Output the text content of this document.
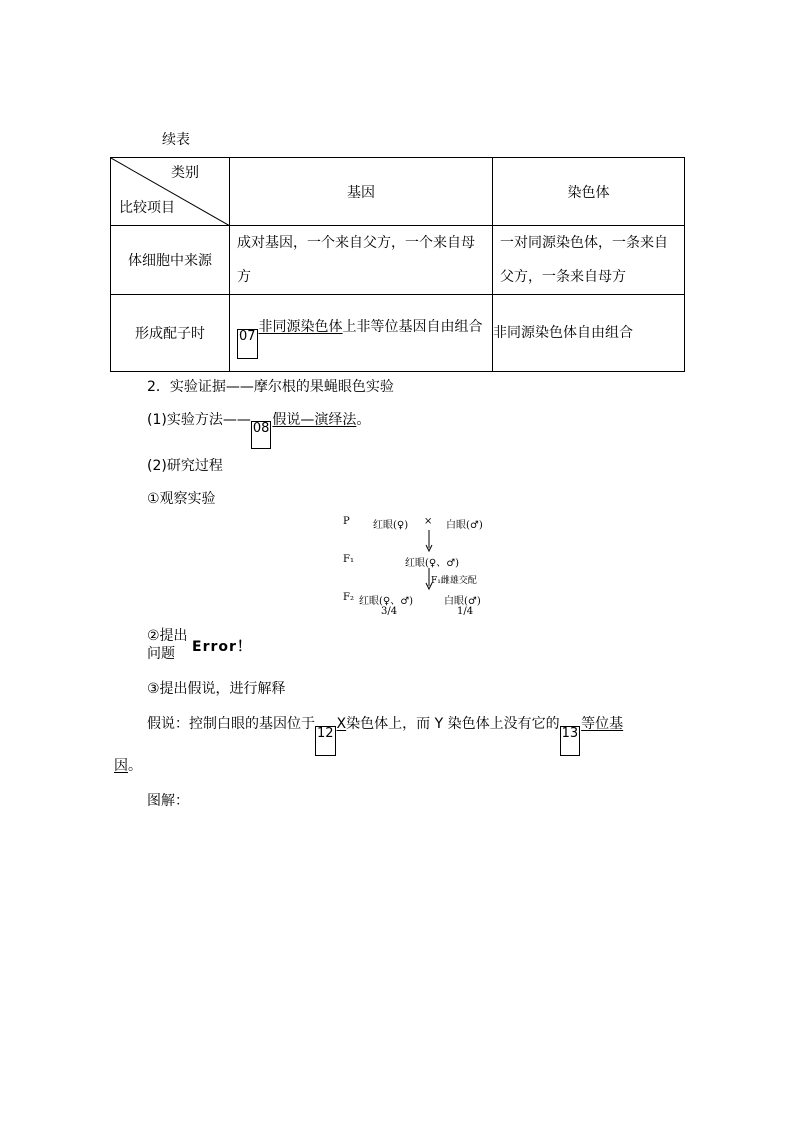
续表
类别
比较项目	基因	染色体
体细胞中来源	成对基因，一个来自父方，一个来自母方	一对同源染色体，一条来自父方，一条来自母方

形成配子时	07非同源染色体上非等位基因自由组合	非同源染色体自由组合
2．实验证据——摩尔根的果蝇眼色实验
(1)实验方法——08假说—演绎法。
(2)研究过程
①观察实验
P 红眼(♀) × 白眼(♂)
F₁	红眼(♀、♂)
F₁雌雄交配
F₂ 红眼(♀、♂)	白眼(♂)
3/4	1/4
②提出
问题	Error！
③提出假说，进行解释
假说：控制白眼的基因位于12X染色体上，而 Y 染色体上没有它的13等位基
因。
图解：
